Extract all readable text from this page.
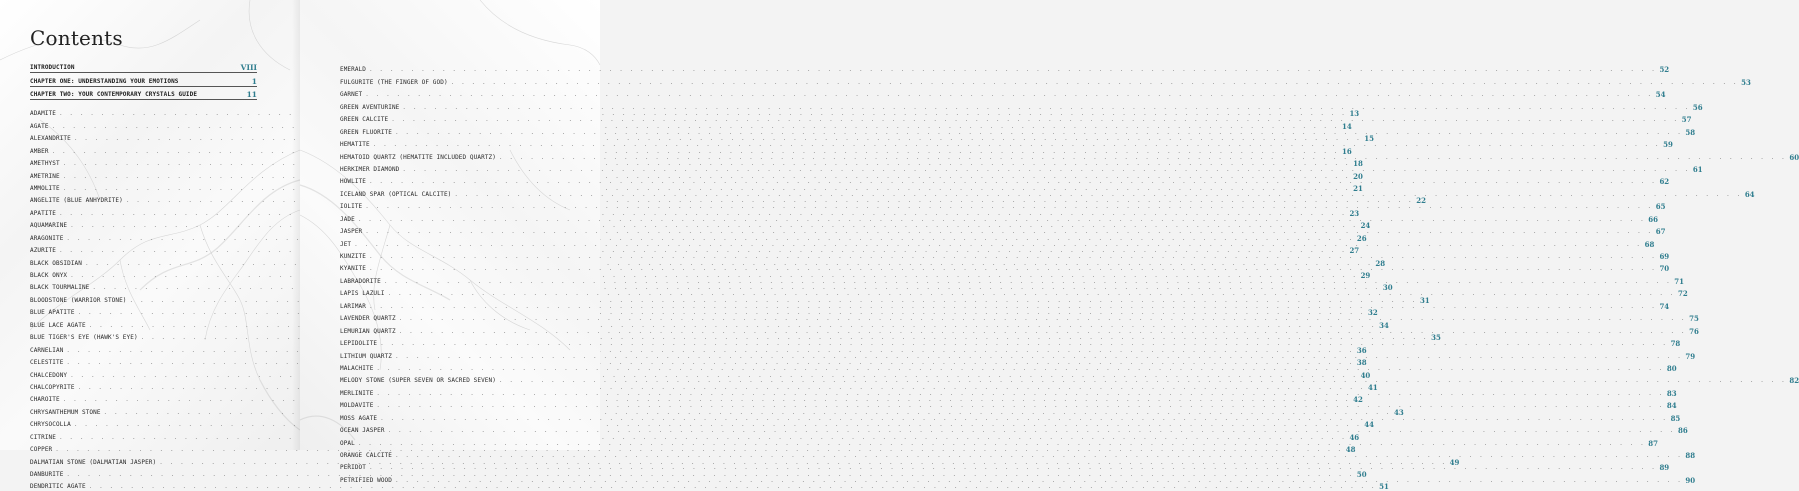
Contents
INTRODUCTION	VIII
CHAPTER ONE: UNDERSTANDING YOUR EMOTIONS	1
CHAPTER TWO: YOUR CONTEMPORARY CRYSTALS GUIDE	11
ADAMITE . . .	13
AGATE . . .	14
ALEXANDRITE . . .	15
AMBER . . .	16
AMETHYST . . .	18
AMETRINE . . .	20
AMMOLITE . . .	21
ANGELITE (BLUE ANHYDRITE) . . .	22
APATITE . . .	23
AQUAMARINE . . .	24
ARAGONITE . . .	26
AZURITE . . .	27
BLACK OBSIDIAN . . .	28
BLACK ONYX . . .	29
BLACK TOURMALINE . . .	30
BLOODSTONE (WARRIOR STONE) . . .	31
BLUE APATITE . . .	32
BLUE LACE AGATE . . .	34
BLUE TIGER'S EYE (HAWK'S EYE) . . .	35
CARNELIAN . . .	36
CELESTITE . . .	38
CHALCEDONY . . .	40
CHALCOPYRITE . . .	41
CHAROITE . . .	42
CHRYSANTHEMUM STONE . . .	43
CHRYSOCOLLA . . .	44
CITRINE . . .	46
COPPER . . .	48
DALMATIAN STONE (DALMATIAN JASPER) . . .	49
DANBURITE . . .	50
DENDRITIC AGATE . . .	51
EMERALD . . .	52
FULGURITE (THE FINGER OF GOD) . . .	53
GARNET . . .	54
GREEN AVENTURINE . . .	56
GREEN CALCITE . . .	57
GREEN FLUORITE . . .	58
HEMATITE . . .	59
HEMATOID QUARTZ (HEMATITE INCLUDED QUARTZ) . . .	60
HERKIMER DIAMOND . . .	61
HOWLITE . . .	62
ICELAND SPAR (OPTICAL CALCITE) . . .	64
IOLITE . . .	65
JADE . . .	66
JASPER . . .	67
JET . . .	68
KUNZITE . . .	69
KYANITE . . .	70
LABRADORITE . . .	71
LAPIS LAZULI . . .	72
LARIMAR . . .	74
LAVENDER QUARTZ . . .	75
LEMURIAN QUARTZ . . .	76
LEPIDOLITE . . .	78
LITHIUM QUARTZ . . .	79
MALACHITE . . .	80
MELODY STONE (SUPER SEVEN OR SACRED SEVEN) . . .	82
MERLINITE . . .	83
MOLDAVITE . . .	84
MOSS AGATE . . .	85
OCEAN JASPER . . .	86
OPAL . . .	87
ORANGE CALCITE . . .	88
PERIDOT . . .	89
PETRIFIED WOOD . . .	90
